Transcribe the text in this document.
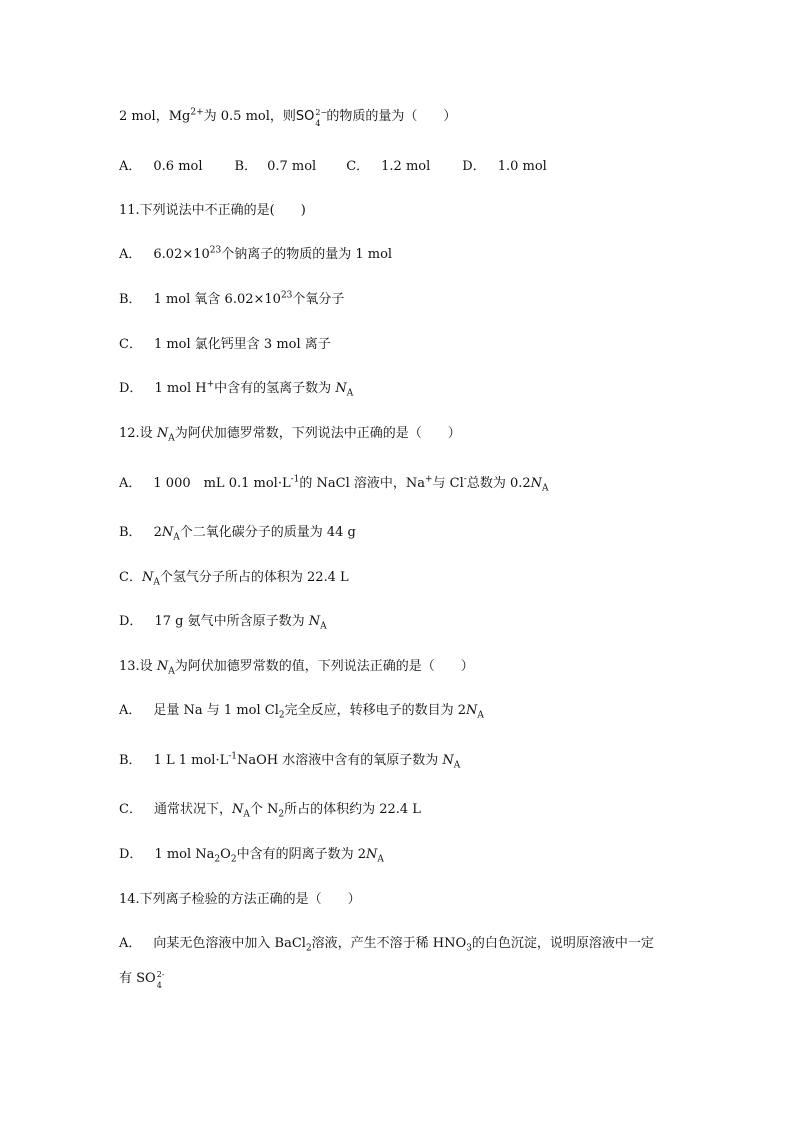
2 mol，$Mg^{2+}$为 0.5 mol，则SO 2−
4 的物质的量为（　　）
A． 0.6 mol B． 0.7 mol C． 1.2 mol D． 1.0 mol
11.下列说法中不正确的是(　　)
A． $6.02\times 10^{23}$个钠离子的物质的量为 1 mol
B． 1 mol 氧含 $6.02\times 10^{23}$个氧分子
C． 1 mol 氯化钙里含 3 mol 离子
D． 1 mol H+中含有的氢离子数为 $N_A$
12.设 $N_A$为阿伏加德罗常数，下列说法中正确的是（　　）
A． 1 000　mL 0.1 $mol\cdot L^{-1}$的 NaCl 溶液中，Na+与 Cl-总数为 $0.2N_A$
B． $2N_A$个二氧化碳分子的质量为 44 g
C．$N_A$个氢气分子所占的体积为 22.4 L
D． 17 g 氨气中所含原子数为 $N_A$
13.设 $N_A$为阿伏加德罗常数的值，下列说法正确的是（　　）
A． 足量 Na 与 1 mol $Cl_2$完全反应，转移电子的数目为 $2N_A$
B． 1 L 1 $mol\cdot L^{-1}NaOH$ 水溶液中含有的氧原子数为 $N_A$
C． 通常状况下，$N_A$个 $N_2$所占的体积约为 22.4 L
D． 1 mol $Na_2O_2$中含有的阴离子数为 $2N_A$
14.下列离子检验的方法正确的是（　　）
A． 向某无色溶液中加入 BaCl$_2$溶液，产生不溶于稀 $HNO_3$的白色沉淀，说明原溶液中一定
有 SO 2-
4
